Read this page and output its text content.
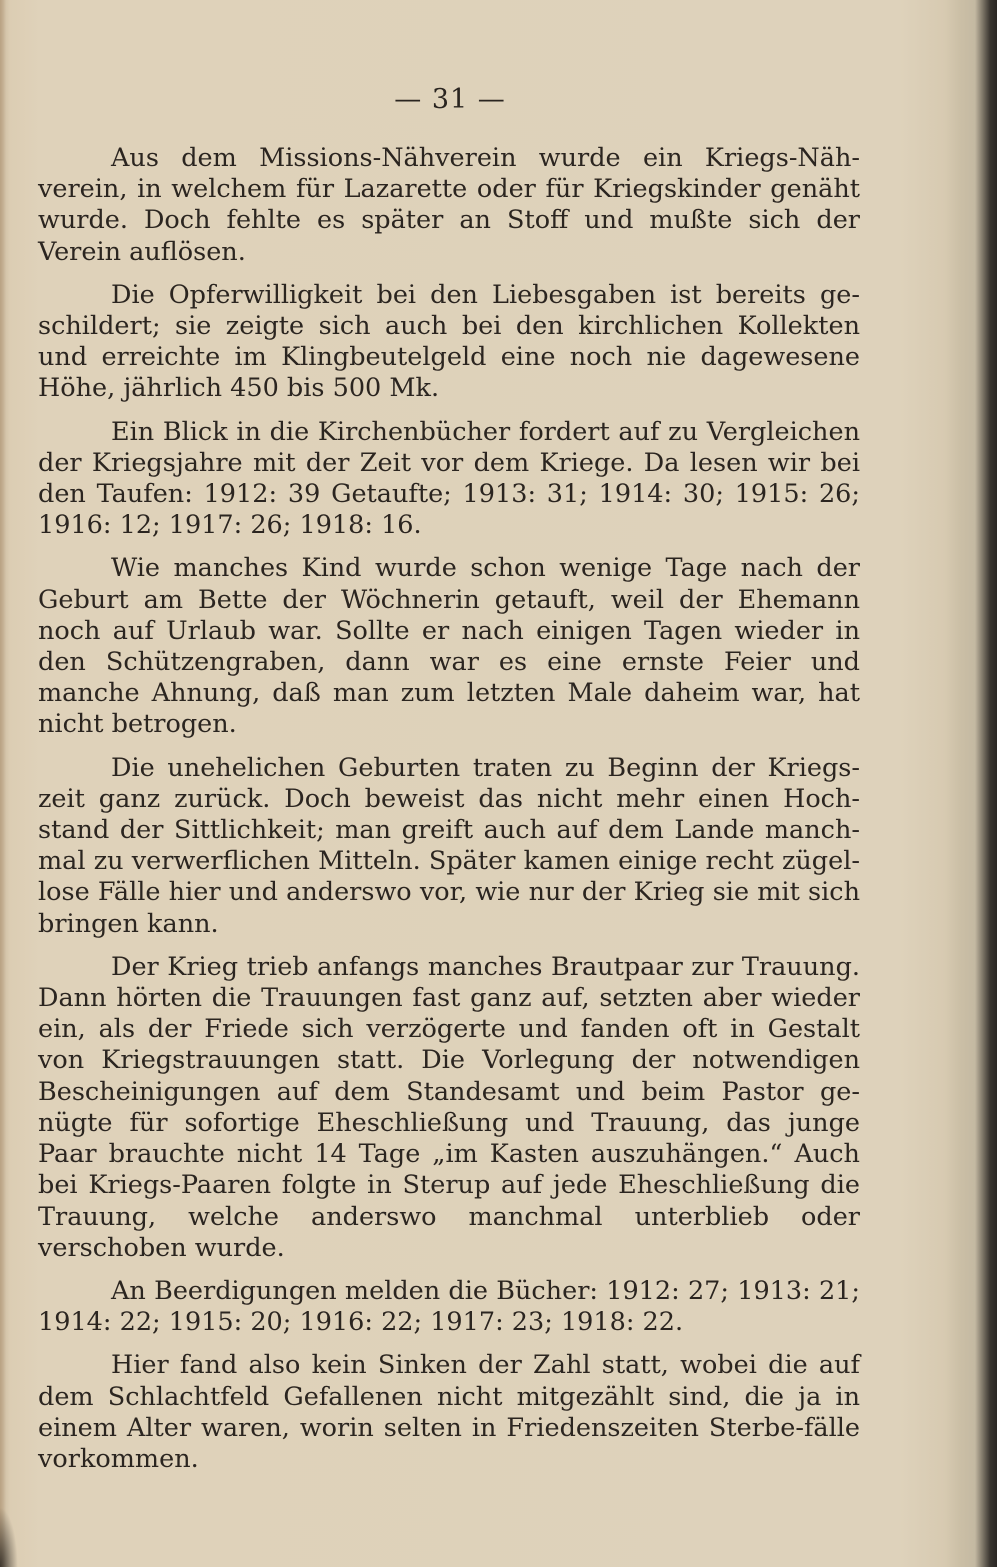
— 31 —

Aus dem Missions-Nähverein wurde ein Kriegs-Näh-verein, in welchem für Lazarette oder für Kriegskinder genäht wurde. Doch fehlte es später an Stoff und mußte sich der Verein auflösen.

Die Opferwilligkeit bei den Liebesgaben ist bereits ge-schildert; sie zeigte sich auch bei den kirchlichen Kollekten und erreichte im Klingbeutelgeld eine noch nie dagewesene Höhe, jährlich 450 bis 500 Mk.

Ein Blick in die Kirchenbücher fordert auf zu Vergleichen der Kriegsjahre mit der Zeit vor dem Kriege. Da lesen wir bei den Taufen: 1912: 39 Getaufte; 1913: 31; 1914: 30; 1915: 26; 1916: 12; 1917: 26; 1918: 16.

Wie manches Kind wurde schon wenige Tage nach der Geburt am Bette der Wöchnerin getauft, weil der Ehemann noch auf Urlaub war. Sollte er nach einigen Tagen wieder in den Schützengraben, dann war es eine ernste Feier und manche Ahnung, daß man zum letzten Male daheim war, hat nicht betrogen.

Die unehelichen Geburten traten zu Beginn der Kriegs-zeit ganz zurück. Doch beweist das nicht mehr einen Hoch-stand der Sittlichkeit; man greift auch auf dem Lande manch-mal zu verwerflichen Mitteln. Später kamen einige recht zügel-lose Fälle hier und anderswo vor, wie nur der Krieg sie mit sich bringen kann.

Der Krieg trieb anfangs manches Brautpaar zur Trauung. Dann hörten die Trauungen fast ganz auf, setzten aber wieder ein, als der Friede sich verzögerte und fanden oft in Gestalt von Kriegstrauungen statt. Die Vorlegung der notwendigen Bescheinigungen auf dem Standesamt und beim Pastor ge-nügte für sofortige Eheschließung und Trauung, das junge Paar brauchte nicht 14 Tage „im Kasten auszuhängen.“ Auch bei Kriegs-Paaren folgte in Sterup auf jede Eheschließung die Trauung, welche anderswo manchmal unterblieb oder verschoben wurde.

An Beerdigungen melden die Bücher: 1912: 27; 1913: 21; 1914: 22; 1915: 20; 1916: 22; 1917: 23; 1918: 22.

Hier fand also kein Sinken der Zahl statt, wobei die auf dem Schlachtfeld Gefallenen nicht mitgezählt sind, die ja in einem Alter waren, worin selten in Friedenszeiten Sterbe-fälle vorkommen.
